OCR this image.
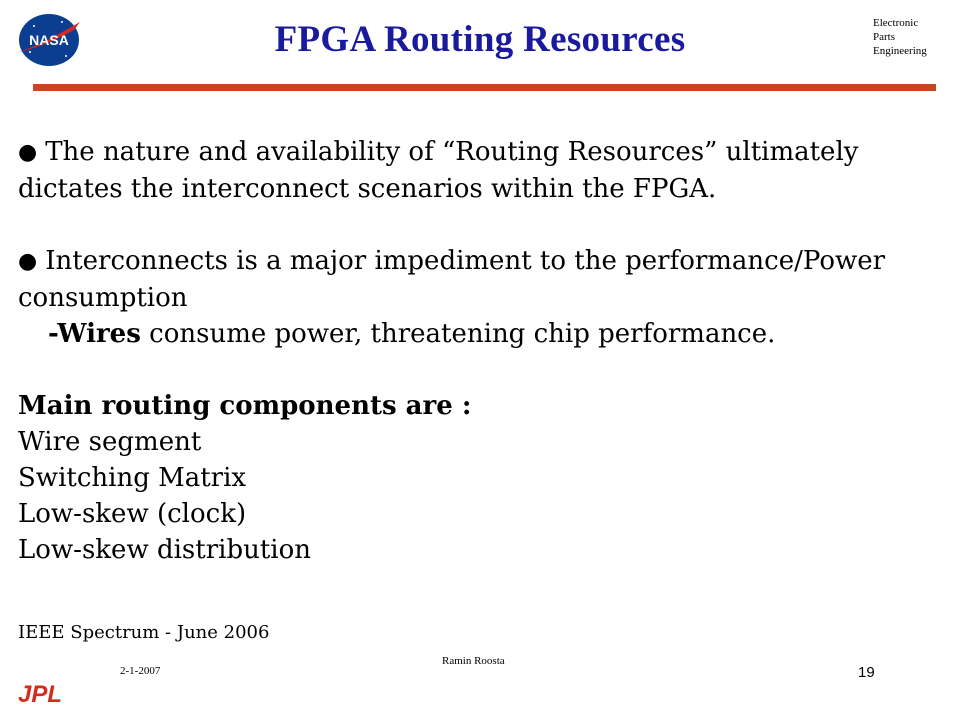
NASA	FPGA Routing Resources	Electronic
Parts
Engineering

● The nature and availability of “Routing Resources” ultimately dictates the interconnect scenarios within the FPGA.

● Interconnects is a major impediment to the performance/Power consumption

-Wires consume power, threatening chip performance.

Main routing components are :

Wire segment

Switching Matrix

Low-skew (clock)

Low-skew distribution

IEEE Spectrum - June 2006
2-1-2007
Ramin Roosta
19
JPL
